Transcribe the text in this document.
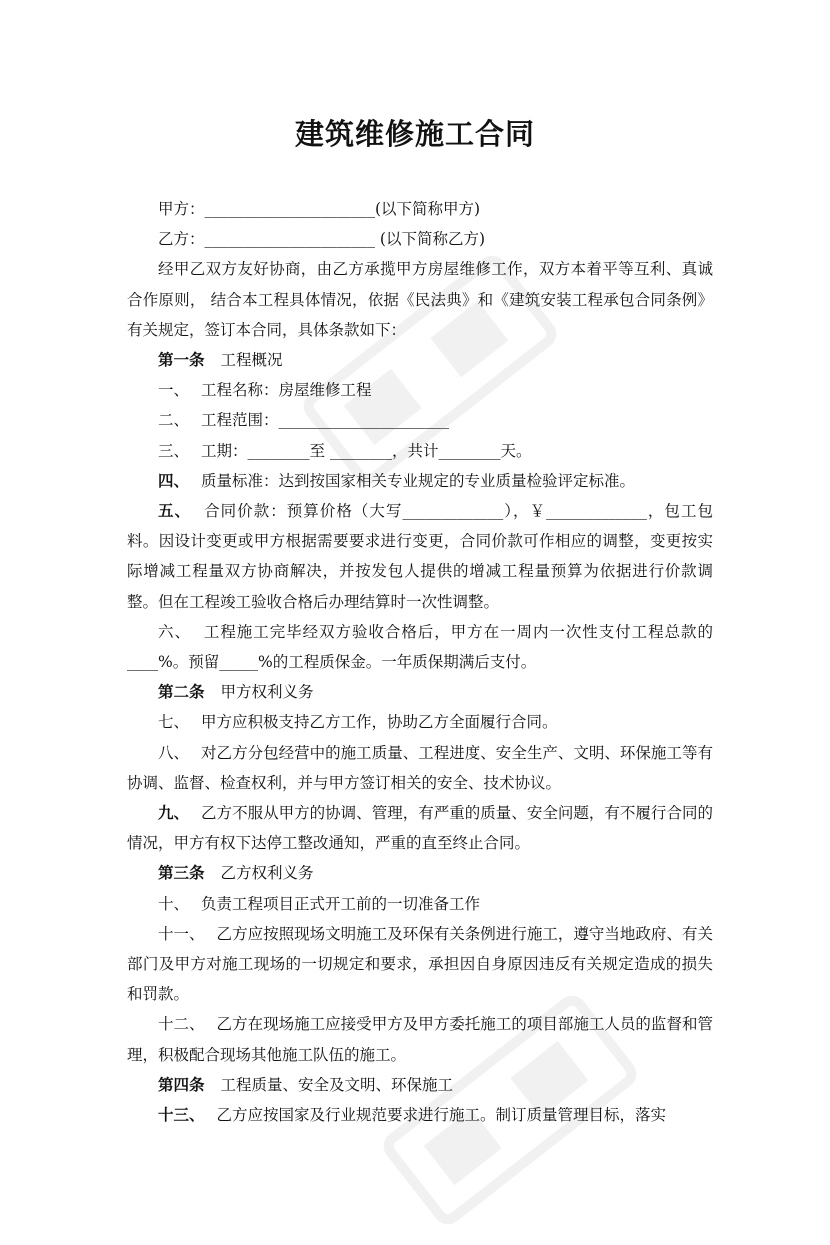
建筑维修施工合同

甲方：______________________(以下简称甲方)

乙方：______________________ (以下简称乙方)

经甲乙双方友好协商，由乙方承揽甲方房屋维修工作，双方本着平等互利、真诚合作原则， 结合本工程具体情况，依据《民法典》和《建筑安装工程承包合同条例》有关规定，签订本合同，具体条款如下：

第一条 工程概况

一、 工程名称：房屋维修工程

二、 工程范围：______________________

三、 工期：________至 ________，共计________天。

四、 质量标准：达到按国家相关专业规定的专业质量检验评定标准。

五、 合同价款：预算价格（大写_____________），￥_____________，包工包料。因设计变更或甲方根据需要要求进行变更，合同价款可作相应的调整，变更按实际增减工程量双方协商解决，并按发包人提供的增减工程量预算为依据进行价款调整。但在工程竣工验收合格后办理结算时一次性调整。

六、 工程施工完毕经双方验收合格后，甲方在一周内一次性支付工程总款的____%。预留_____%的工程质保金。一年质保期满后支付。

第二条 甲方权利义务

七、 甲方应积极支持乙方工作，协助乙方全面履行合同。

八、 对乙方分包经营中的施工质量、工程进度、安全生产、文明、环保施工等有协调、监督、检查权利，并与甲方签订相关的安全、技术协议。

九、 乙方不服从甲方的协调、管理，有严重的质量、安全问题，有不履行合同的情况，甲方有权下达停工整改通知，严重的直至终止合同。

第三条 乙方权利义务

十、 负责工程项目正式开工前的一切准备工作

十一、 乙方应按照现场文明施工及环保有关条例进行施工，遵守当地政府、有关部门及甲方对施工现场的一切规定和要求，承担因自身原因违反有关规定造成的损失和罚款。

十二、 乙方在现场施工应接受甲方及甲方委托施工的项目部施工人员的监督和管理，积极配合现场其他施工队伍的施工。

第四条 工程质量、安全及文明、环保施工

十三、 乙方应按国家及行业规范要求进行施工。制订质量管理目标，落实
